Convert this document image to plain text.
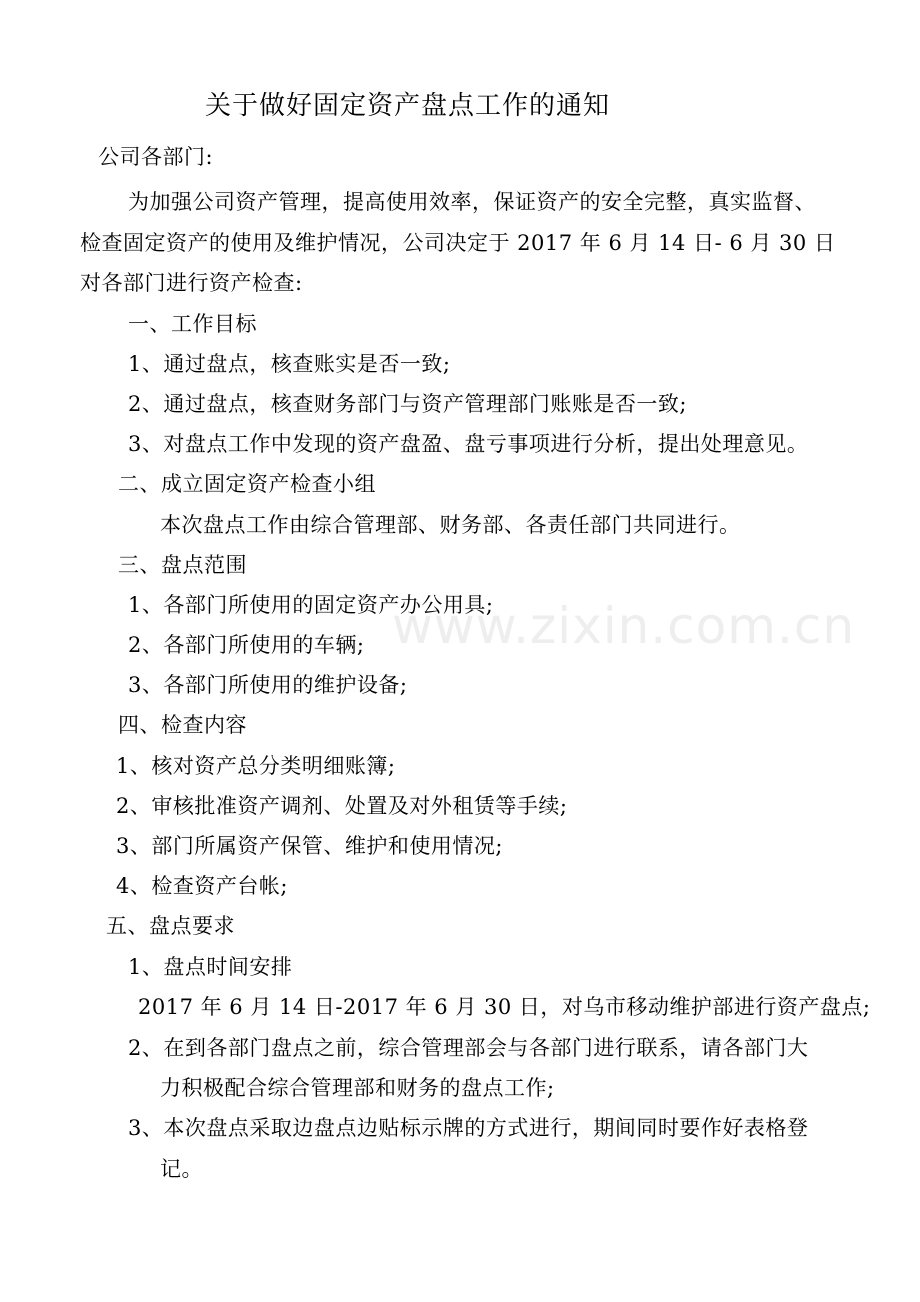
www.zixin.com.cn
关于做好固定资产盘点工作的通知
公司各部门:
为加强公司资产管理，提高使用效率，保证资产的安全完整，真实监督、
检查固定资产的使用及维护情况，公司决定于 2017 年 6 月 14 日- 6 月 30 日
对各部门进行资产检查:
一、工作目标
1、通过盘点，核查账实是否一致;
2、通过盘点，核查财务部门与资产管理部门账账是否一致;
3、对盘点工作中发现的资产盘盈、盘亏事项进行分析，提出处理意见。
二、成立固定资产检查小组
本次盘点工作由综合管理部、财务部、各责任部门共同进行。
三、盘点范围
1、各部门所使用的固定资产办公用具;
2、各部门所使用的车辆;
3、各部门所使用的维护设备;
四、检查内容
1、核对资产总分类明细账簿;
2、审核批准资产调剂、处置及对外租赁等手续;
3、部门所属资产保管、维护和使用情况;
4、检查资产台帐;
五、盘点要求
1、盘点时间安排
2017 年 6 月 14 日-2017 年 6 月 30 日，对乌市移动维护部进行资产盘点;
2、在到各部门盘点之前，综合管理部会与各部门进行联系，请各部门大
力积极配合综合管理部和财务的盘点工作;
3、本次盘点采取边盘点边贴标示牌的方式进行，期间同时要作好表格登
记。
